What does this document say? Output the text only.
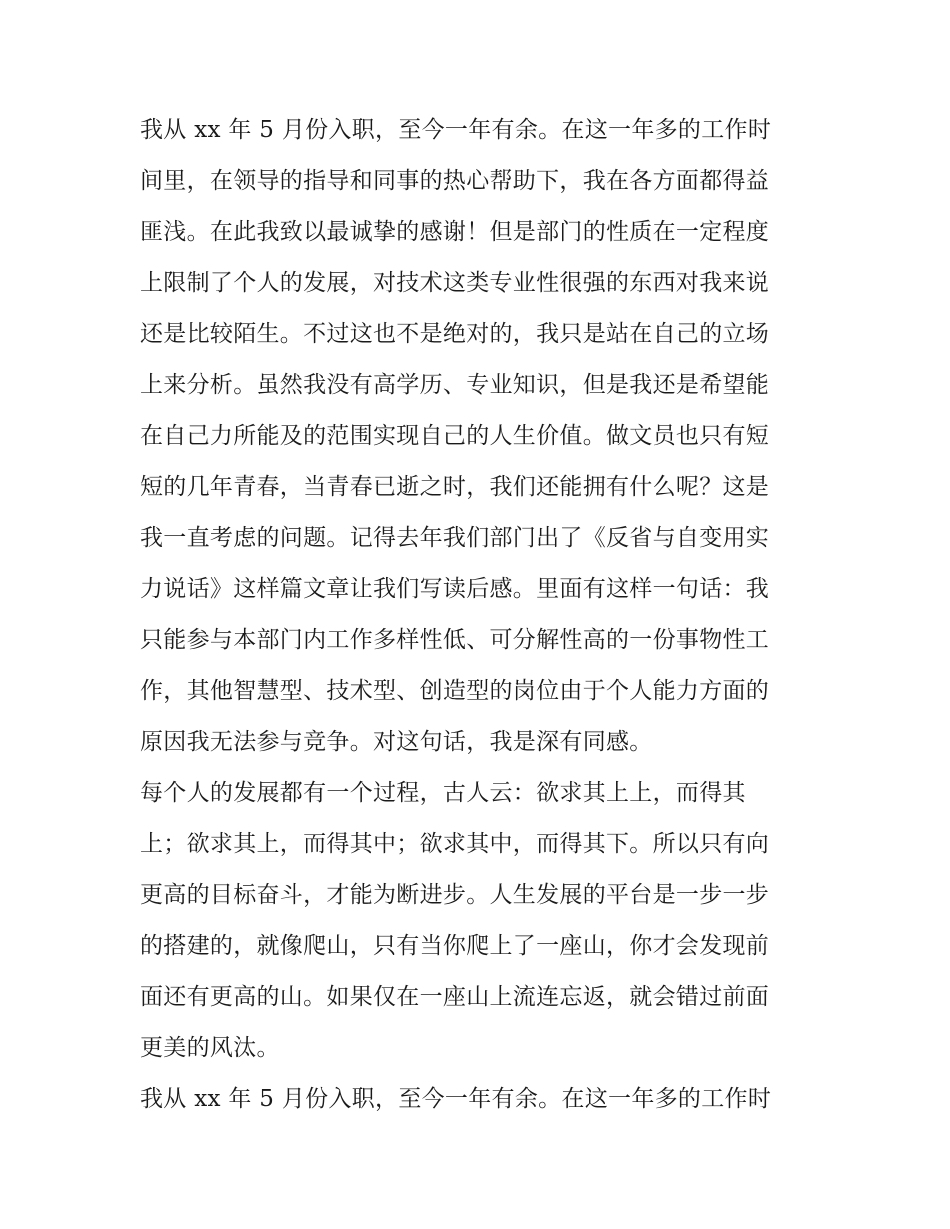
我从 xx 年 5 月份入职，至今一年有余。在这一年多的工作时
间里，在领导的指导和同事的热心帮助下，我在各方面都得益
匪浅。在此我致以最诚挚的感谢！但是部门的性质在一定程度
上限制了个人的发展，对技术这类专业性很强的东西对我来说
还是比较陌生。不过这也不是绝对的，我只是站在自己的立场
上来分析。虽然我没有高学历、专业知识，但是我还是希望能
在自己力所能及的范围实现自己的人生价值。做文员也只有短
短的几年青春，当青春已逝之时，我们还能拥有什么呢？这是
我一直考虑的问题。记得去年我们部门出了《反省与自变用实
力说话》这样篇文章让我们写读后感。里面有这样一句话：我
只能参与本部门内工作多样性低、可分解性高的一份事物性工
作，其他智慧型、技术型、创造型的岗位由于个人能力方面的
原因我无法参与竞争。对这句话，我是深有同感。
每个人的发展都有一个过程，古人云：欲求其上上，而得其
上；欲求其上，而得其中；欲求其中，而得其下。所以只有向
更高的目标奋斗，才能为断进步。人生发展的平台是一步一步
的搭建的，就像爬山，只有当你爬上了一座山，你才会发现前
面还有更高的山。如果仅在一座山上流连忘返，就会错过前面
更美的风汰。
我从 xx 年 5 月份入职，至今一年有余。在这一年多的工作时
